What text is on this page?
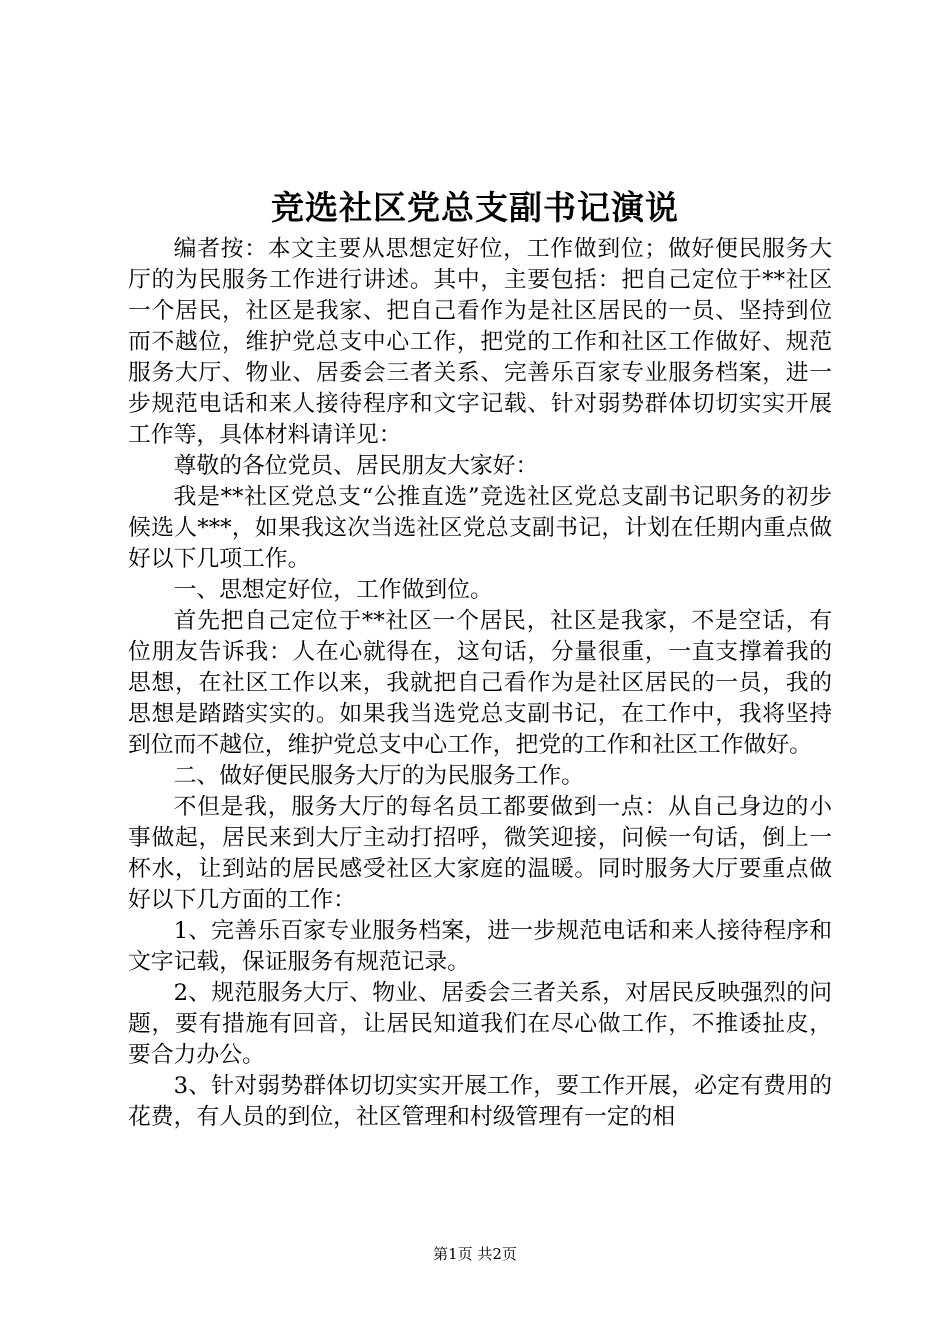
竞选社区党总支副书记演说

编者按：本文主要从思想定好位，工作做到位；做好便民服务大厅的为民服务工作进行讲述。其中，主要包括：把自己定位于**社区一个居民，社区是我家、把自己看作为是社区居民的一员、坚持到位而不越位，维护党总支中心工作，把党的工作和社区工作做好、规范服务大厅、物业、居委会三者关系、完善乐百家专业服务档案，进一步规范电话和来人接待程序和文字记载、针对弱势群体切切实实开展工作等，具体材料请详见：

尊敬的各位党员、居民朋友大家好：

我是**社区党总支“公推直选”竞选社区党总支副书记职务的初步候选人***，如果我这次当选社区党总支副书记，计划在任期内重点做好以下几项工作。

一、思想定好位，工作做到位。

首先把自己定位于**社区一个居民，社区是我家，不是空话，有位朋友告诉我：人在心就得在，这句话，分量很重，一直支撑着我的思想，在社区工作以来，我就把自己看作为是社区居民的一员，我的思想是踏踏实实的。如果我当选党总支副书记，在工作中，我将坚持到位而不越位，维护党总支中心工作，把党的工作和社区工作做好。

二、做好便民服务大厅的为民服务工作。

不但是我，服务大厅的每名员工都要做到一点：从自己身边的小事做起，居民来到大厅主动打招呼，微笑迎接，问候一句话，倒上一杯水，让到站的居民感受社区大家庭的温暖。同时服务大厅要重点做好以下几方面的工作：

1、完善乐百家专业服务档案，进一步规范电话和来人接待程序和文字记载，保证服务有规范记录。

2、规范服务大厅、物业、居委会三者关系，对居民反映强烈的问题，要有措施有回音，让居民知道我们在尽心做工作，不推诿扯皮，要合力办公。

3、针对弱势群体切切实实开展工作，要工作开展，必定有费用的花费，有人员的到位，社区管理和村级管理有一定的相

第1页 共2页
